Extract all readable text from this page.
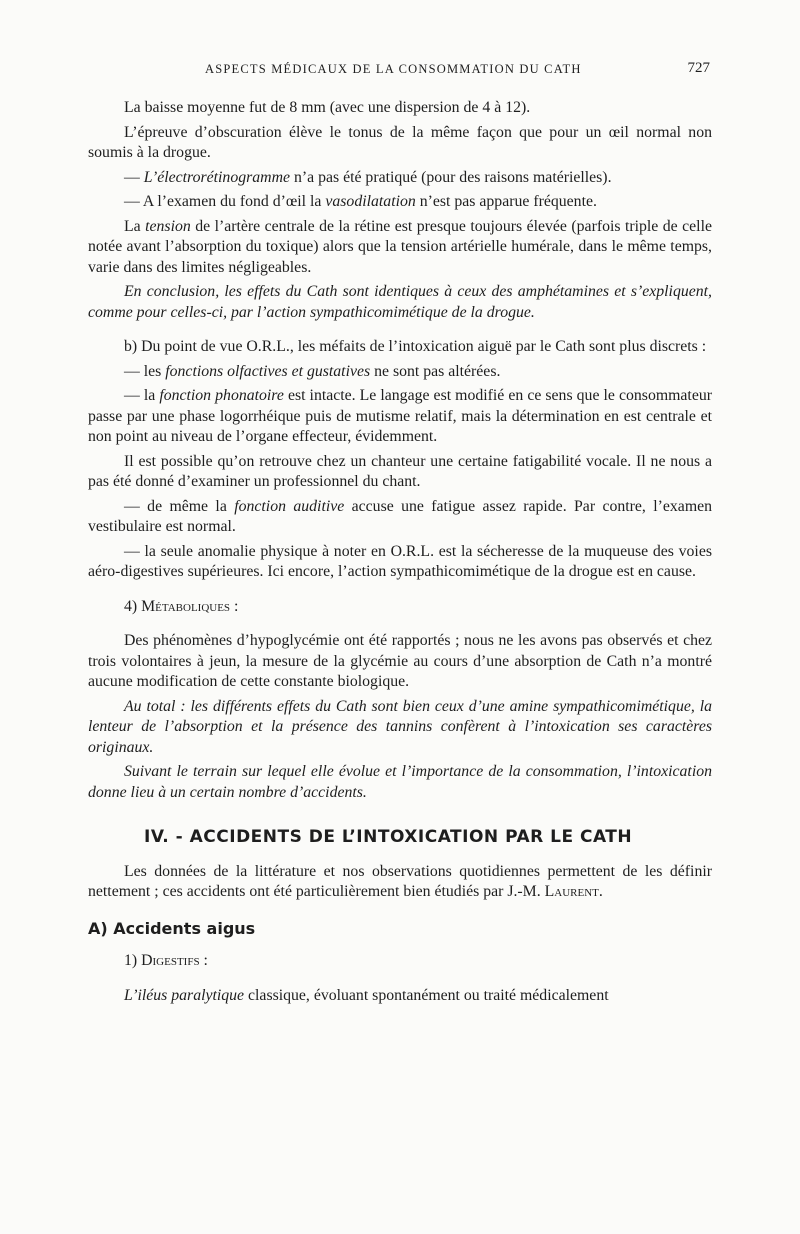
ASPECTS MÉDICAUX DE LA CONSOMMATION DU CATH	727

La baisse moyenne fut de 8 mm (avec une dispersion de 4 à 12).

L’épreuve d’obscuration élève le tonus de la même façon que pour un œil normal non soumis à la drogue.

— L’électrorétinogramme n’a pas été pratiqué (pour des raisons matérielles).

— A l’examen du fond d’œil la vasodilatation n’est pas apparue fréquente.

La tension de l’artère centrale de la rétine est presque toujours élevée (parfois triple de celle notée avant l’absorption du toxique) alors que la tension artérielle humérale, dans le même temps, varie dans des limites négligeables.

En conclusion, les effets du Cath sont identiques à ceux des amphétamines et s’expliquent, comme pour celles-ci, par l’action sympathicomimétique de la drogue.

b) Du point de vue O.R.L., les méfaits de l’intoxication aiguë par le Cath sont plus discrets :

— les fonctions olfactives et gustatives ne sont pas altérées.

— la fonction phonatoire est intacte. Le langage est modifié en ce sens que le consommateur passe par une phase logorrhéique puis de mutisme relatif, mais la détermination en est centrale et non point au niveau de l’organe effecteur, évidemment.

Il est possible qu’on retrouve chez un chanteur une certaine fatigabilité vocale. Il ne nous a pas été donné d’examiner un professionnel du chant.

— de même la fonction auditive accuse une fatigue assez rapide. Par contre, l’examen vestibulaire est normal.

— la seule anomalie physique à noter en O.R.L. est la sécheresse de la muqueuse des voies aéro-digestives supérieures. Ici encore, l’action sympathicomimétique de la drogue est en cause.

4) Métaboliques :

Des phénomènes d’hypoglycémie ont été rapportés ; nous ne les avons pas observés et chez trois volontaires à jeun, la mesure de la glycémie au cours d’une absorption de Cath n’a montré aucune modification de cette constante biologique.

Au total : les différents effets du Cath sont bien ceux d’une amine sympathicomimétique, la lenteur de l’absorption et la présence des tannins confèrent à l’intoxication ses caractères originaux.

Suivant le terrain sur lequel elle évolue et l’importance de la consommation, l’intoxication donne lieu à un certain nombre d’accidents.

IV. - ACCIDENTS DE L’INTOXICATION PAR LE CATH

Les données de la littérature et nos observations quotidiennes permettent de les définir nettement ; ces accidents ont été particulièrement bien étudiés par J.-M. Laurent.

A) Accidents aigus

1) Digestifs :

L’iléus paralytique classique, évoluant spontanément ou traité médicalement
